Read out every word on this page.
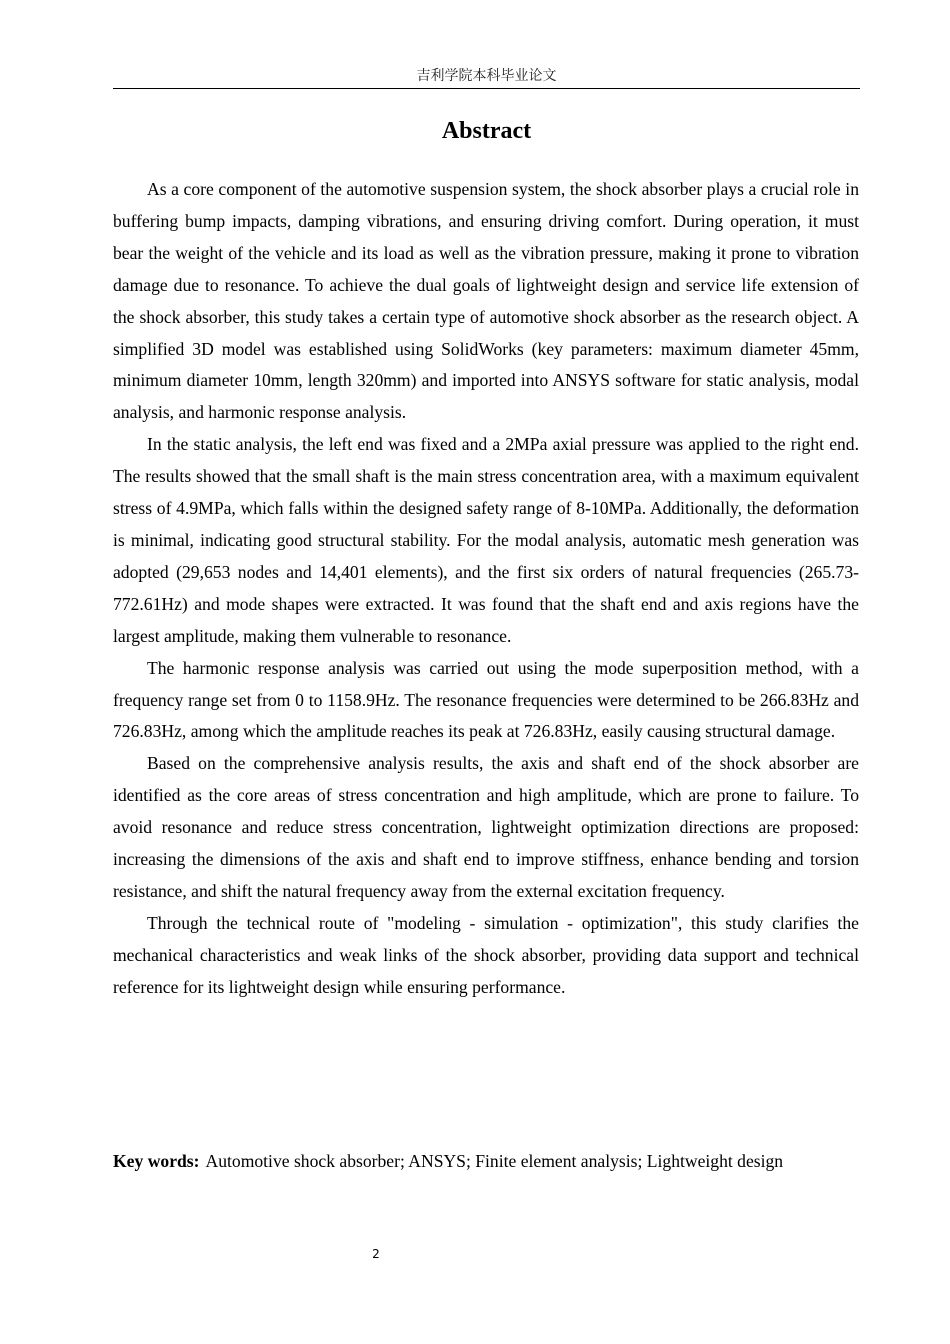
吉利学院本科毕业论文
Abstract

As a core component of the automotive suspension system, the shock absorber plays a crucial role in buffering bump impacts, damping vibrations, and ensuring driving comfort. During operation, it must bear the weight of the vehicle and its load as well as the vibration pressure, making it prone to vibration damage due to resonance. To achieve the dual goals of lightweight design and service life extension of the shock absorber, this study takes a certain type of automotive shock absorber as the research object. A simplified 3D model was established using SolidWorks (key parameters: maximum diameter 45mm, minimum diameter 10mm, length 320mm) and imported into ANSYS software for static analysis, modal analysis, and harmonic response analysis.

In the static analysis, the left end was fixed and a 2MPa axial pressure was applied to the right end. The results showed that the small shaft is the main stress concentration area, with a maximum equivalent stress of 4.9MPa, which falls within the designed safety range of 8-10MPa. Additionally, the deformation is minimal, indicating good structural stability. For the modal analysis, automatic mesh generation was adopted (29,653 nodes and 14,401 elements), and the first six orders of natural frequencies (265.73-772.61Hz) and mode shapes were extracted. It was found that the shaft end and axis regions have the largest amplitude, making them vulnerable to resonance.

The harmonic response analysis was carried out using the mode superposition method, with a frequency range set from 0 to 1158.9Hz. The resonance frequencies were determined to be 266.83Hz and 726.83Hz, among which the amplitude reaches its peak at 726.83Hz, easily causing structural damage.

Based on the comprehensive analysis results, the axis and shaft end of the shock absorber are identified as the core areas of stress concentration and high amplitude, which are prone to failure. To avoid resonance and reduce stress concentration, lightweight optimization directions are proposed: increasing the dimensions of the axis and shaft end to improve stiffness, enhance bending and torsion resistance, and shift the natural frequency away from the external excitation frequency.

Through the technical route of "modeling - simulation - optimization", this study clarifies the mechanical characteristics and weak links of the shock absorber, providing data support and technical reference for its lightweight design while ensuring performance.

Key words: Automotive shock absorber; ANSYS; Finite element analysis; Lightweight design
2
